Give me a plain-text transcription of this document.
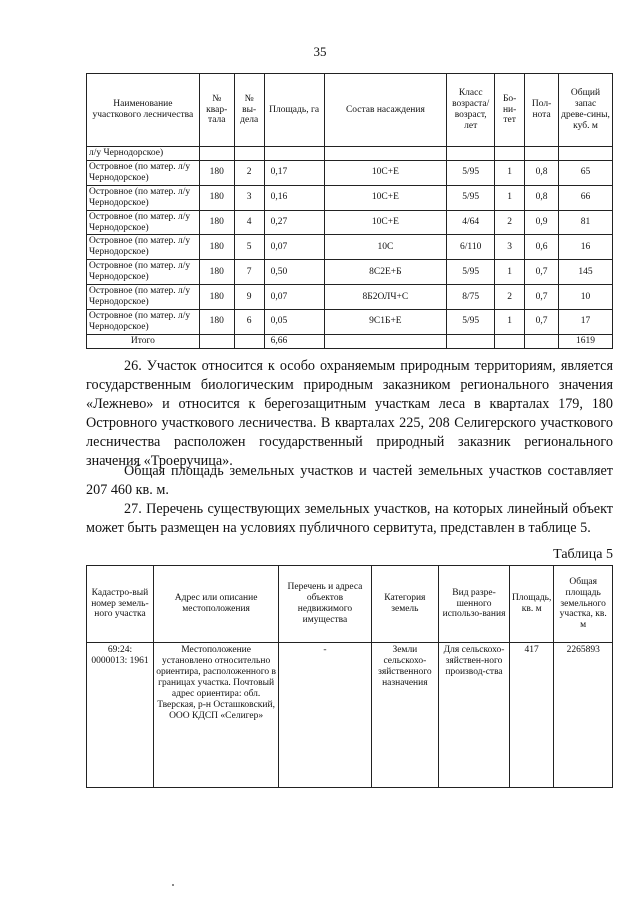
35
Наименование участкового лесничества	№ квар-тала	№ вы-дела	Площадь, га	Состав насаждения	Класс возраста/ возраст, лет	Бо-ни-тет	Пол-нота	Общий запас древе-сины, куб. м
л/у Чернодорское)								
Островное (по матер. л/у Чернодорское)	180	2	0,17	10С+Е	5/95	1	0,8	65
Островное (по матер. л/у Чернодорское)	180	3	0,16	10С+Е	5/95	1	0,8	66
Островное (по матер. л/у Чернодорское)	180	4	0,27	10С+Е	4/64	2	0,9	81
Островное (по матер. л/у Чернодорское)	180	5	0,07	10С	6/110	3	0,6	16
Островное (по матер. л/у Чернодорское)	180	7	0,50	8С2Е+Б	5/95	1	0,7	145
Островное (по матер. л/у Чернодорское)	180	9	0,07	8Б2ОЛЧ+С	8/75	2	0,7	10
Островное (по матер. л/у Чернодорское)	180	6	0,05	9С1Б+Е	5/95	1	0,7	17
Итого			6,66					1619

26. Участок относится к особо охраняемым природным территориям, является государственным биологическим природным заказником регионального значения «Лежнево» и относится к берегозащитным участкам леса в кварталах 179, 180 Островного участкового лесничества. В кварталах 225, 208 Селигерского участкового лесничества расположен государственный природный заказник регионального значения «Троеручица».

Общая площадь земельных участков и частей земельных участков составляет 207 460 кв. м.

27. Перечень существующих земельных участков, на которых линейный объект может быть размещен на условиях публичного сервитута, представлен в таблице 5.

Таблица 5
Кадастро-вый номер земель-ного участка	Адрес или описание местоположения	Перечень и адреса объектов недвижимого имущества	Категория земель	Вид разре-шенного использо-вания	Площадь, кв. м	Общая площадь земельного участка, кв. м
69:24: 0000013: 1961	Местоположение установлено относительно ориентира, расположенного в границах участка. Почтовый адрес ориентира: обл. Тверская, р-н Осташковский, ООО КДСП «Селигер»	-	Земли сельскохо-зяйственного назначения	Для сельскохо-зяйствен-ного производ-ства	417	2265893
